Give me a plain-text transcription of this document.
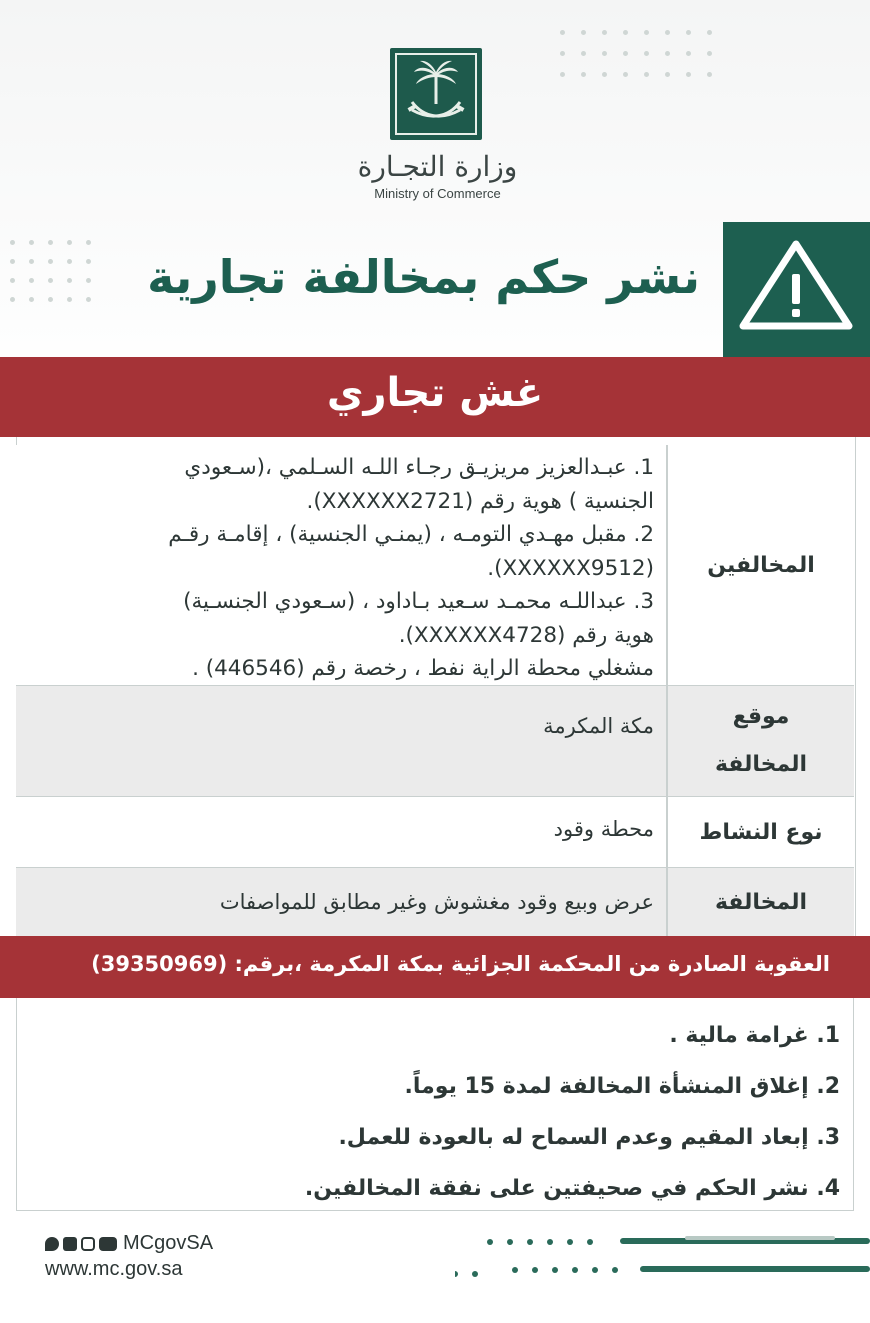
وزارة التجـارة
Ministry of Commerce
نشر حكم بمخالفة تجارية
غش تجاري
المخالفين
1. عبـدالعزيز مريزيـق رجـاء اللـه السـلمي ،(سـعودي
الجنسية ) هوية رقم (XXXXXX2721).
2. مقبل مهـدي التومـه ، (يمنـي الجنسية) ، إقامـة رقـم
(XXXXXX9512).
3. عبداللـه محمـد سـعيد بـاداود ، (سـعودي الجنسـية)
هوية رقم (XXXXXX4728).
مشغلي محطة الراية نفط ، رخصة رقم (446546) .
موقع
المخالفة
مكة المكرمة
نوع النشاط
محطة وقود
المخالفة
عرض وبيع وقود مغشوش وغير مطابق للمواصفات
العقوبة الصادرة من المحكمة الجزائية بمكة المكرمة ،برقم: (39350969)
1. غرامة مالية .
2. إغلاق المنشأة المخالفة لمدة 15 يوماً.
3. إبعاد المقيم وعدم السماح له بالعودة للعمل.
4. نشر الحكم في صحيفتين على نفقة المخالفين.
MCgovSA
www.mc.gov.sa
